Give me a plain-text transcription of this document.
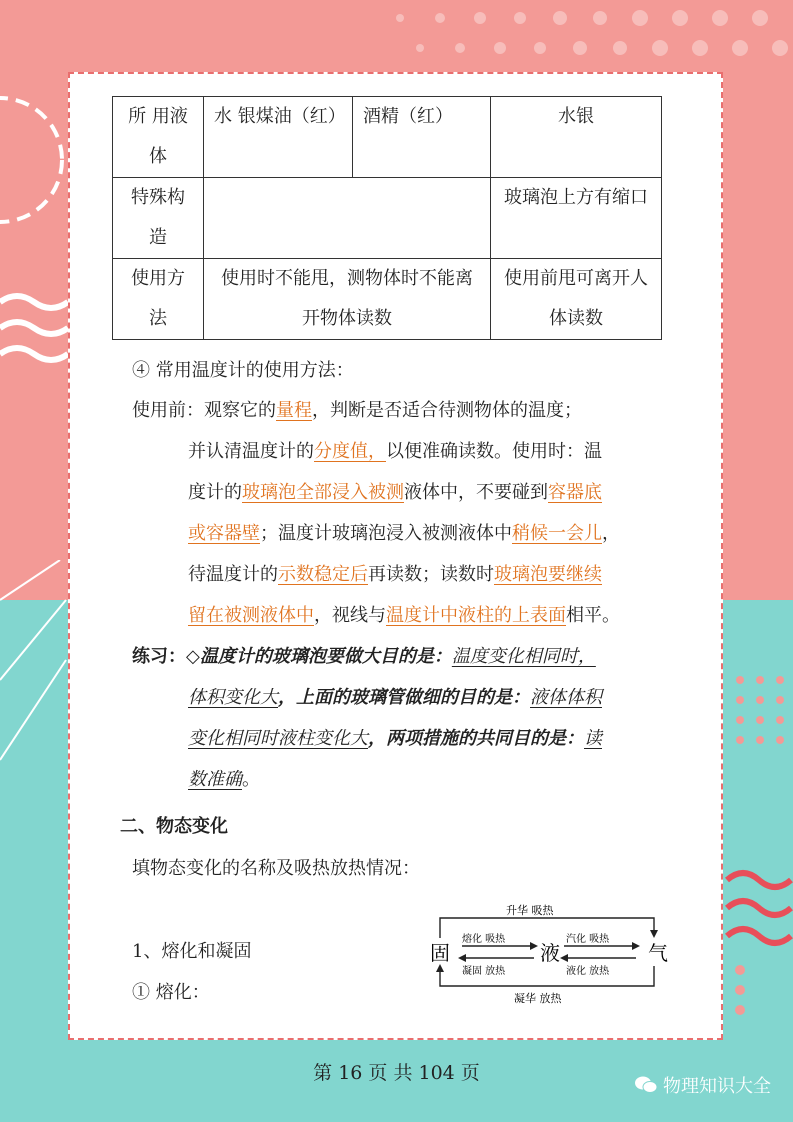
所 用液体	水 银煤油（红）	酒精（红）	水银

特殊构造			玻璃泡上方有缩口

使用方法	使用时不能甩，测物体时不能离开物体读数		使用前甩可离开人体读数
④ 常用温度计的使用方法：
使用前：观察它的量程，判断是否适合待测物体的温度；
并认清温度计的分度值，以便准确读数。使用时：温
度计的玻璃泡全部浸入被测液体中，不要碰到容器底
或容器壁；温度计玻璃泡浸入被测液体中稍候一会儿，
待温度计的示数稳定后再读数；读数时玻璃泡要继续
留在被测液体中，视线与温度计中液柱的上表面相平。
练习：◇温度计的玻璃泡要做大目的是：温度变化相同时，
体积变化大，上面的玻璃管做细的目的是：液体体积
变化相同时液柱变化大，两项措施的共同目的是：读
数准确。
二、物态变化
填物态变化的名称及吸热放热情况：
1、熔化和凝固
① 熔化：
固	液	气
升华 吸热
凝华 放热
熔化 吸热
凝固 放热
汽化 吸热
液化 放热
第 16 页 共 104 页
物理知识大全
